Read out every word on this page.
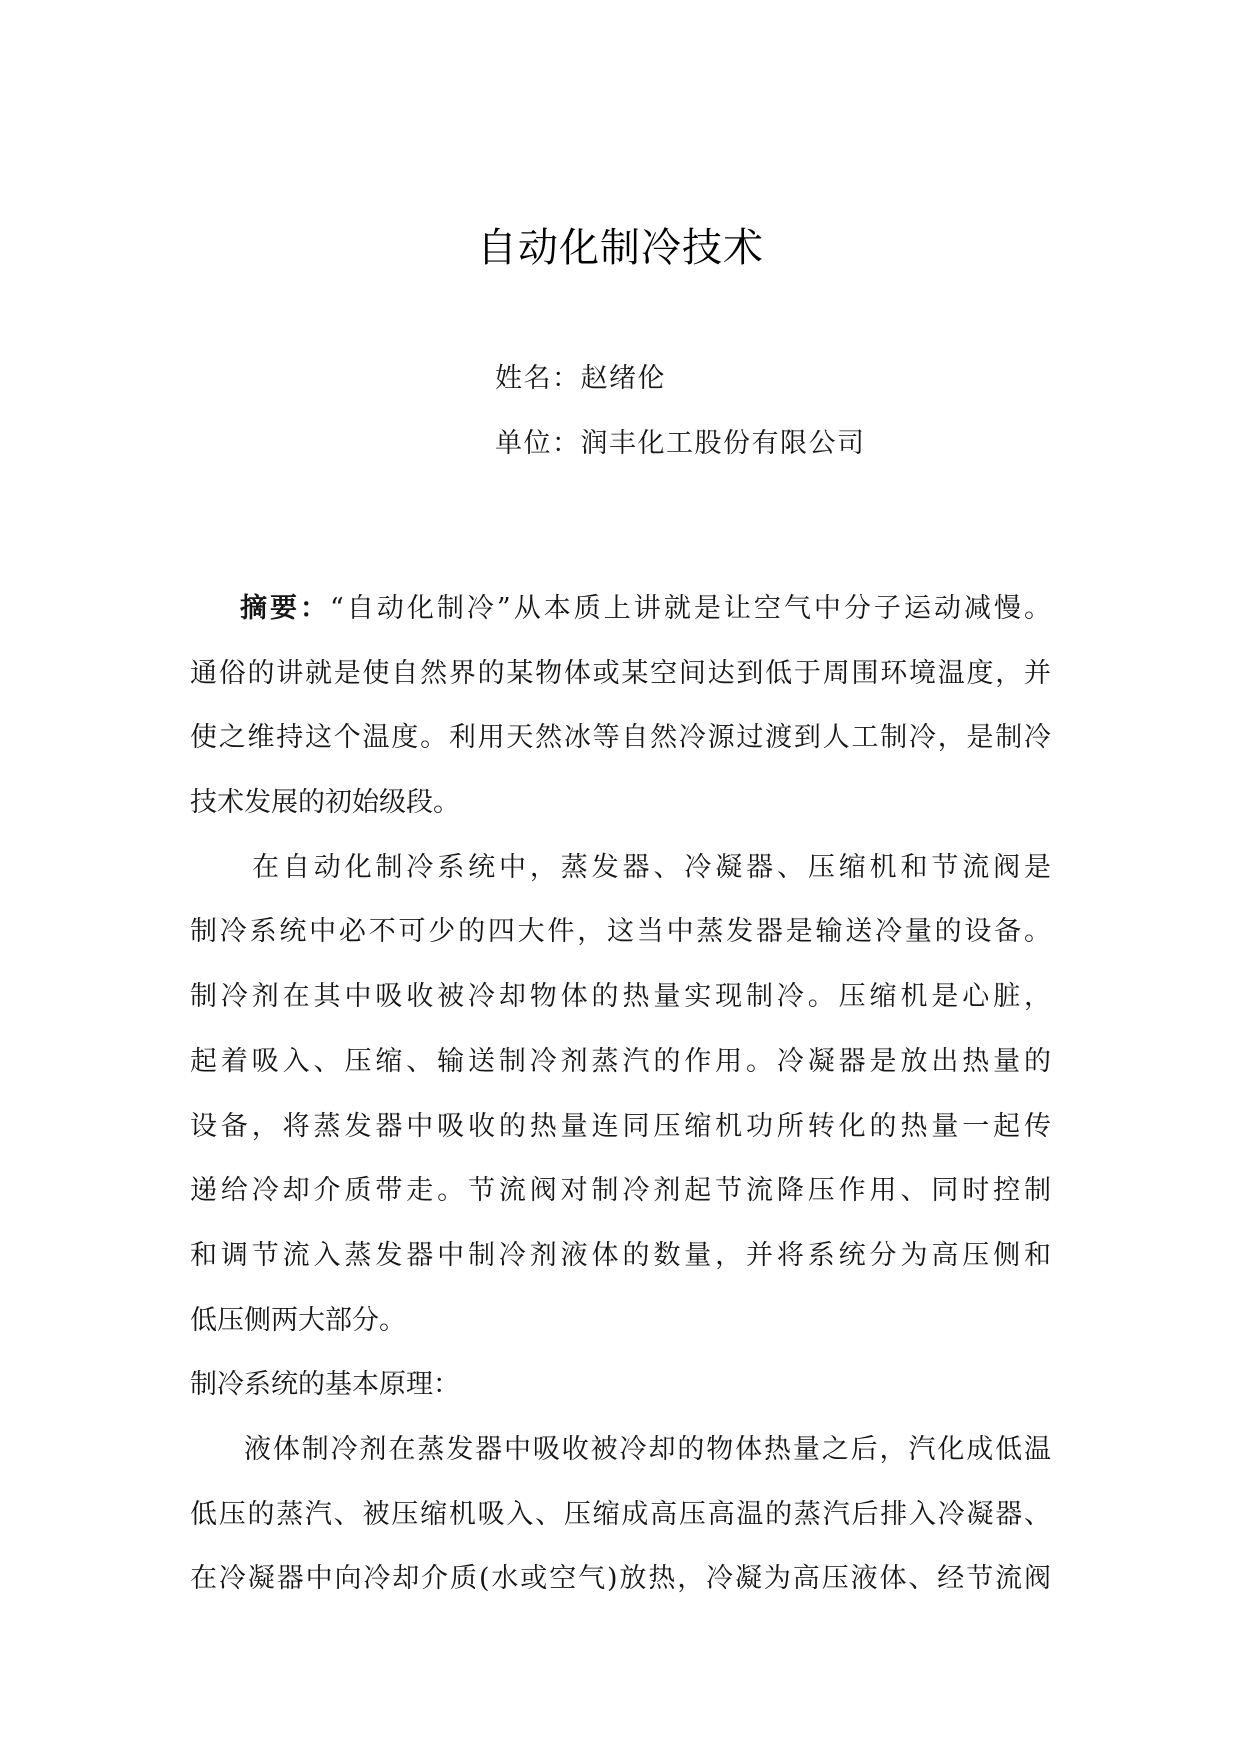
自动化制冷技术
姓名：赵绪伦
单位：润丰化工股份有限公司
摘要：“自动化制冷”从本质上讲就是让空气中分子运动减慢。
通俗的讲就是使自然界的某物体或某空间达到低于周围环境温度，并
使之维持这个温度。利用天然冰等自然冷源过渡到人工制冷，是制冷
技术发展的初始级段。
在自动化制冷系统中，蒸发器、冷凝器、压缩机和节流阀是
制冷系统中必不可少的四大件，这当中蒸发器是输送冷量的设备。
制冷剂在其中吸收被冷却物体的热量实现制冷。压缩机是心脏，
起着吸入、压缩、输送制冷剂蒸汽的作用。冷凝器是放出热量的
设备，将蒸发器中吸收的热量连同压缩机功所转化的热量一起传
递给冷却介质带走。节流阀对制冷剂起节流降压作用、同时控制
和调节流入蒸发器中制冷剂液体的数量，并将系统分为高压侧和
低压侧两大部分。
制冷系统的基本原理：
液体制冷剂在蒸发器中吸收被冷却的物体热量之后，汽化成低温
低压的蒸汽、被压缩机吸入、压缩成高压高温的蒸汽后排入冷凝器、
在冷凝器中向冷却介质(水或空气)放热，冷凝为高压液体、经节流阀
